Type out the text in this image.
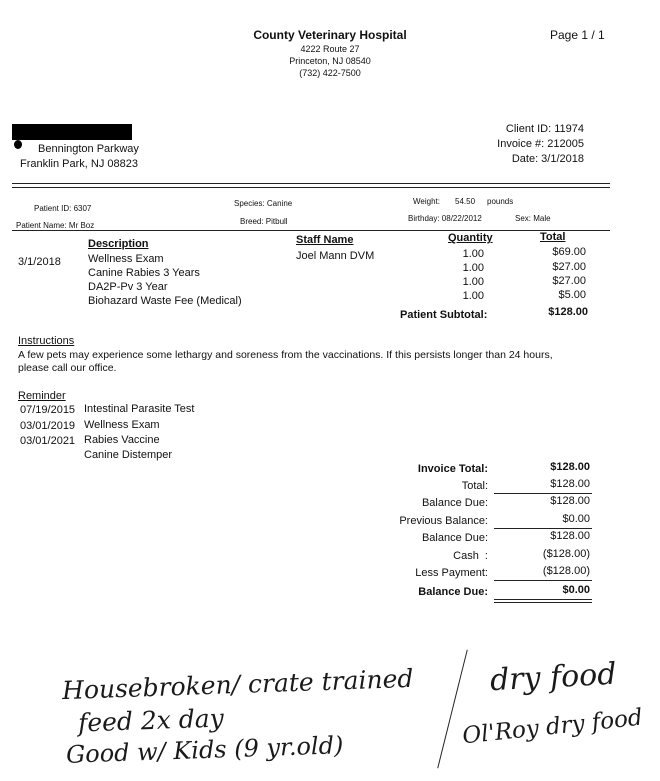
County Veterinary Hospital
4222 Route 27
Princeton, NJ 08540
(732) 422-7500
Page 1 / 1
Bennington Parkway
Franklin Park, NJ 08823
Client ID: 11974
Invoice #: 212005
Date: 3/1/2018
Patient ID: 6307
Patient Name: Mr Boz
Species: Canine
Breed: Pitbull
Weight: 54.50 pounds
Birthday: 08/22/2012	Sex: Male
Description	Staff Name	Quantity	Total
3/1/2018	Joel Mann DVM
Wellness Exam	1.00	$69.00
Canine Rabies 3 Years	1.00	$27.00
DA2P-Pv 3 Year	1.00	$27.00
Biohazard Waste Fee (Medical)	1.00	$5.00
Patient Subtotal:	$128.00
Instructions
A few pets may experience some lethargy and soreness from the vaccinations. If this persists longer than 24 hours,
please call our office.
Reminder
07/19/2015 Intestinal Parasite Test
03/01/2019 Wellness Exam
03/01/2021 Rabies Vaccine
Canine Distemper
Invoice Total:	$128.00
Total:	$128.00
Balance Due:	$128.00
Previous Balance:	$0.00
Balance Due:	$128.00
Cash  :	($128.00)
Less Payment:	($128.00)
Balance Due:	$0.00
Housebroken/ crate trained
feed 2x day
Good w/ Kids (9 yr.old)
dry food
Ol'Roy dry food
